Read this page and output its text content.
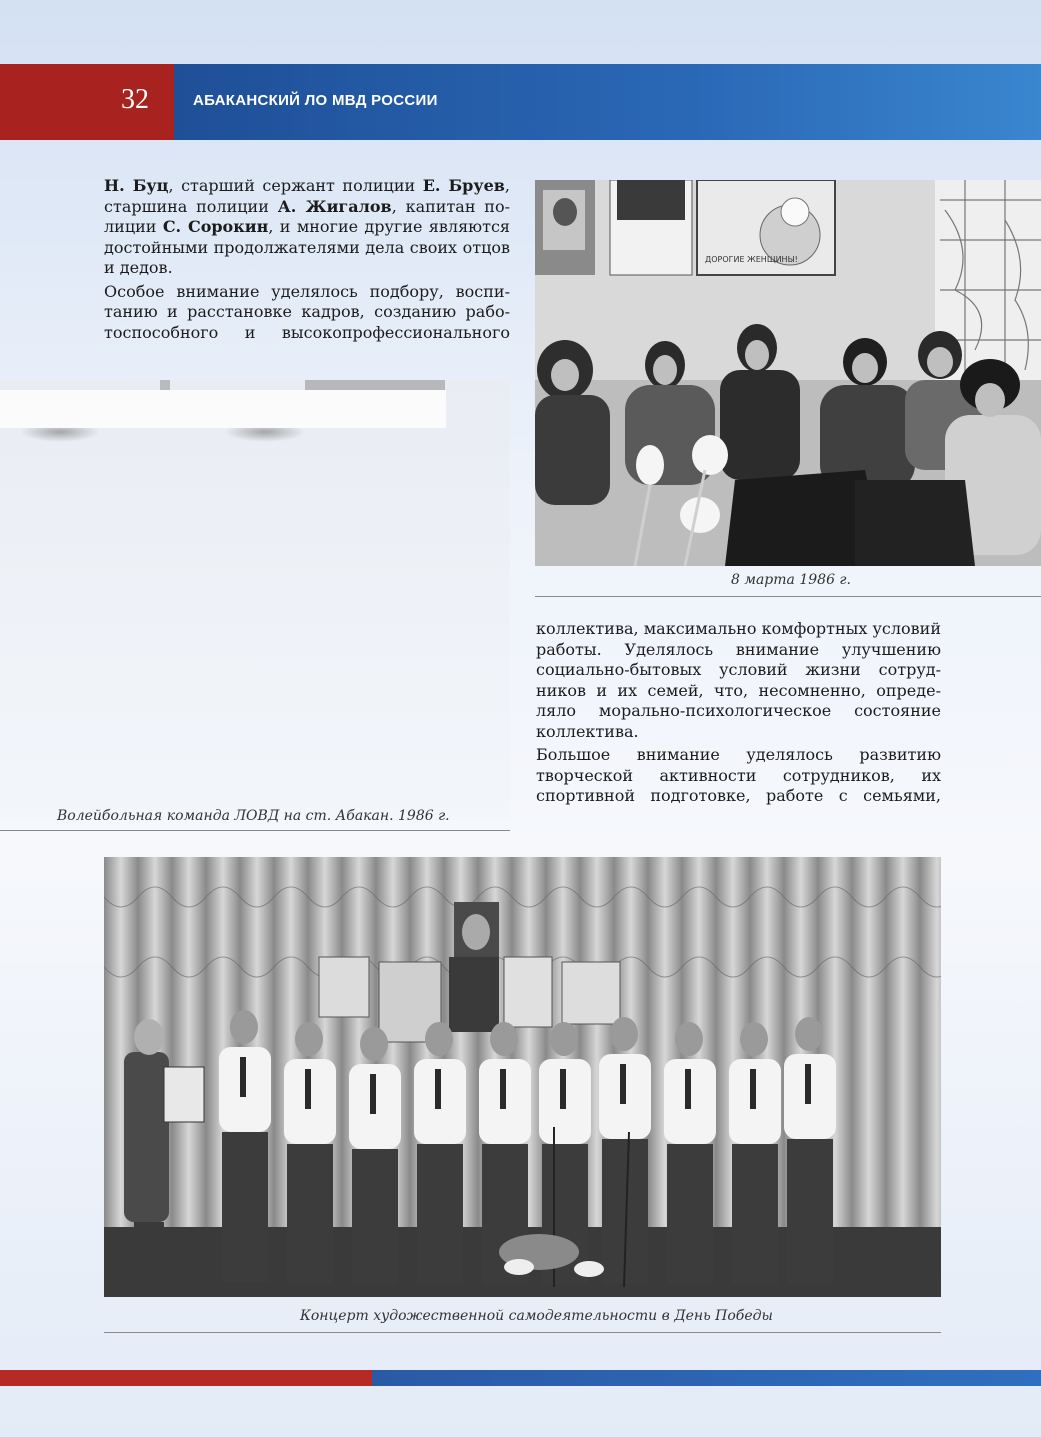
32	АБАКАНСКИЙ ЛО МВД РОССИИ

Н. Буц, старший сержант полиции Е. Бруев, старшина полиции А. Жигалов, капитан полиции С. Сорокин, и многие другие являются достойными продолжателями дела своих отцов и дедов.

Особое внимание уделялось подбору, воспитанию и расстановке кадров, созданию работоспособного и высокопрофессионального

Волейбольная команда ЛОВД на ст. Абакан. 1986 г.
ДОРОГИЕ ЖЕНЩИНЫ!
8 марта 1986 г.

коллектива, максимально комфортных условий работы. Уделялось внимание улучшению социально-бытовых условий жизни сотрудников и их семей, что, несомненно, определяло морально-психологическое состояние коллектива.

Большое внимание уделялось развитию творческой активности сотрудников, их спортивной подготовке, работе с семьями,

Концерт художественной самодеятельности в День Победы
